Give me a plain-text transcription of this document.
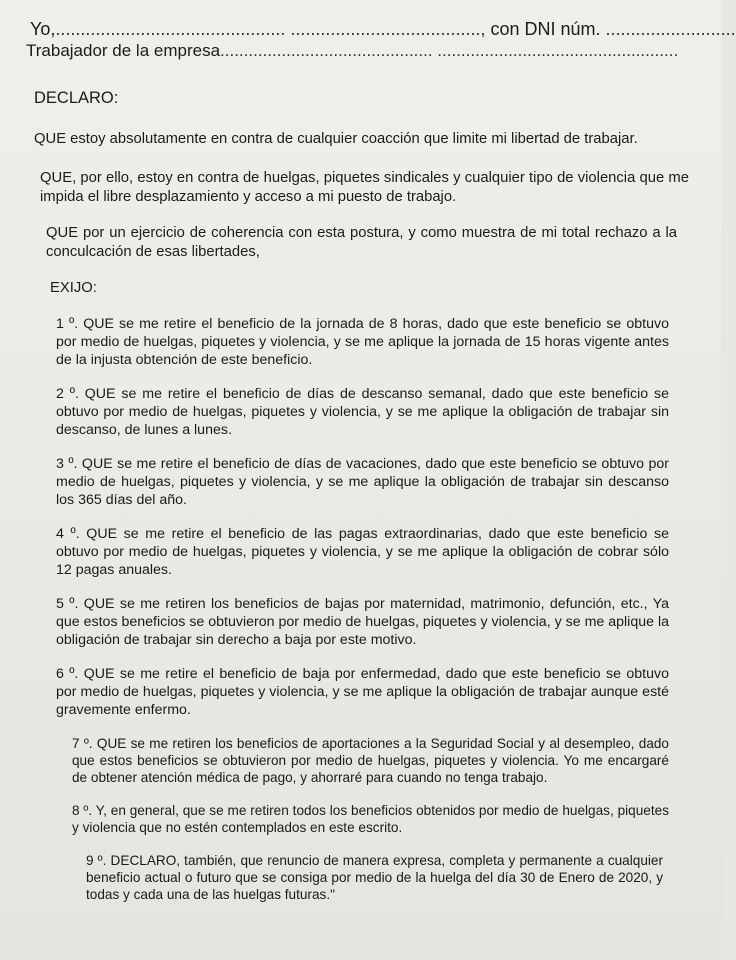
Yo,.............................................. ......................................, con DNI núm. ..........................
Trabajador de la empresa............................................. ...................................................
DECLARO:

QUE estoy absolutamente en contra de cualquier coacción que limite mi libertad de trabajar.

QUE, por ello, estoy en contra de huelgas, piquetes sindicales y cualquier tipo de violencia que me impida el libre desplazamiento y acceso a mi puesto de trabajo.

QUE por un ejercicio de coherencia con esta postura, y como muestra de mi total rechazo a la conculcación de esas libertades,

EXIJO:

1 º. QUE se me retire el beneficio de la jornada de 8 horas, dado que este beneficio se obtuvo por medio de huelgas, piquetes y violencia, y se me aplique la jornada de 15 horas vigente antes de la injusta obtención de este beneficio.

2 º. QUE se me retire el beneficio de días de descanso semanal, dado que este beneficio se obtuvo por medio de huelgas, piquetes y violencia, y se me aplique la obligación de trabajar sin descanso, de lunes a lunes.

3 º. QUE se me retire el beneficio de días de vacaciones, dado que este beneficio se obtuvo por medio de huelgas, piquetes y violencia, y se me aplique la obligación de trabajar sin descanso los 365 días del año.

4 º. QUE se me retire el beneficio de las pagas extraordinarias, dado que este beneficio se obtuvo por medio de huelgas, piquetes y violencia, y se me aplique la obligación de cobrar sólo 12 pagas anuales.

5 º. QUE se me retiren los beneficios de bajas por maternidad, matrimonio, defunción, etc., Ya que estos beneficios se obtuvieron por medio de huelgas, piquetes y violencia, y se me aplique la obligación de trabajar sin derecho a baja por este motivo.

6 º. QUE se me retire el beneficio de baja por enfermedad, dado que este beneficio se obtuvo por medio de huelgas, piquetes y violencia, y se me aplique la obligación de trabajar aunque esté gravemente enfermo.

7 º. QUE se me retiren los beneficios de aportaciones a la Seguridad Social y al desempleo, dado que estos beneficios se obtuvieron por medio de huelgas, piquetes y violencia. Yo me encargaré de obtener atención médica de pago, y ahorraré para cuando no tenga trabajo.

8 º. Y, en general, que se me retiren todos los beneficios obtenidos por medio de huelgas, piquetes y violencia que no estén contemplados en este escrito.

9 º. DECLARO, también, que renuncio de manera expresa, completa y permanente a cualquier beneficio actual o futuro que se consiga por medio de la huelga del día 30 de Enero de 2020, y todas y cada una de las huelgas futuras."
